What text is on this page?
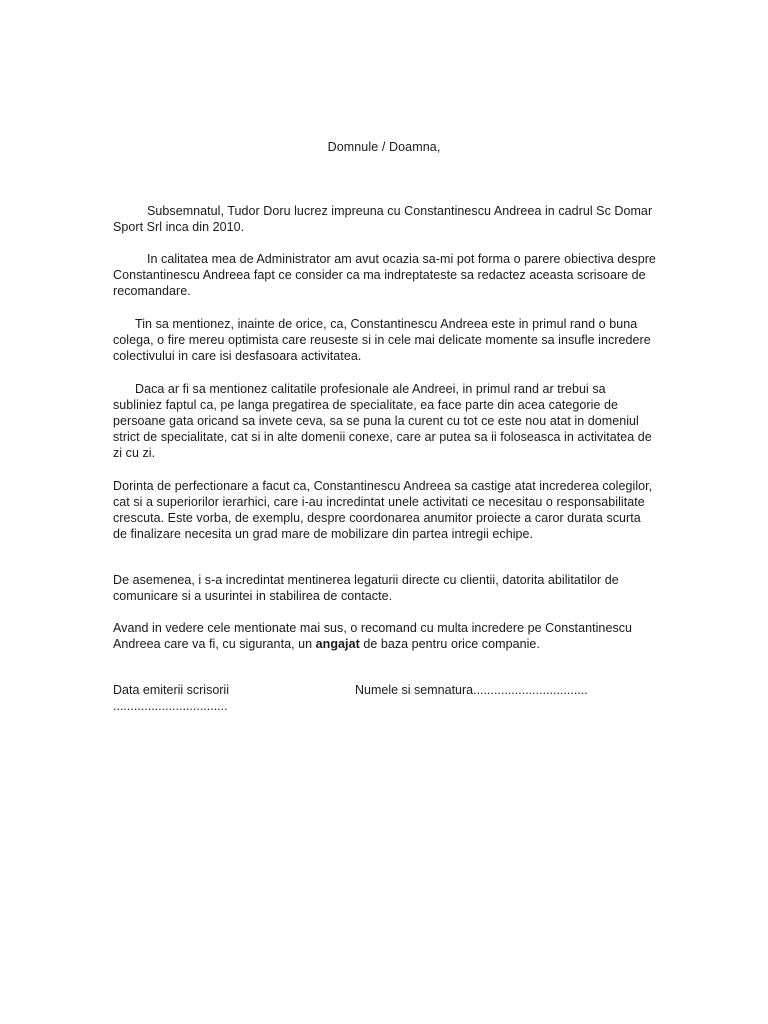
Domnule / Doamna,
Subsemnatul, Tudor Doru lucrez impreuna cu Constantinescu Andreea in cadrul Sc Domar Sport Srl inca din 2010.
In calitatea mea de Administrator am avut ocazia sa-mi pot forma o parere obiectiva despre Constantinescu Andreea fapt ce consider ca ma indreptateste sa redactez aceasta scrisoare de recomandare.
Tin sa mentionez, inainte de orice, ca, Constantinescu Andreea este in primul rand o buna colega, o fire mereu optimista care reuseste si in cele mai delicate momente sa insufle incredere colectivului in care isi desfasoara activitatea.
Daca ar fi sa mentionez calitatile profesionale ale Andreei, in primul rand ar trebui sa subliniez faptul ca, pe langa pregatirea de specialitate, ea face parte din acea categorie de persoane gata oricand sa invete ceva, sa se puna la curent cu tot ce este nou atat in domeniul strict de specialitate, cat si in alte domenii conexe, care ar putea sa ii foloseasca in activitatea de zi cu zi.
Dorinta de perfectionare a facut ca, Constantinescu Andreea sa castige atat increderea colegilor, cat si a superiorilor ierarhici, care i-au incredintat unele activitati ce necesitau o responsabilitate crescuta. Este vorba, de exemplu, despre coordonarea anumitor proiecte a caror durata scurta de finalizare necesita un grad mare de mobilizare din partea intregii echipe.
De asemenea, i s-a incredintat mentinerea legaturii directe cu clientii, datorita abilitatilor de comunicare si a usurintei in stabilirea de contacte.
Avand in vedere cele mentionate mai sus, o recomand cu multa incredere pe Constantinescu Andreea care va fi, cu siguranta, un angajat de baza pentru orice companie.
Data emiterii scrisorii	Numele si semnatura.................................
.................................
